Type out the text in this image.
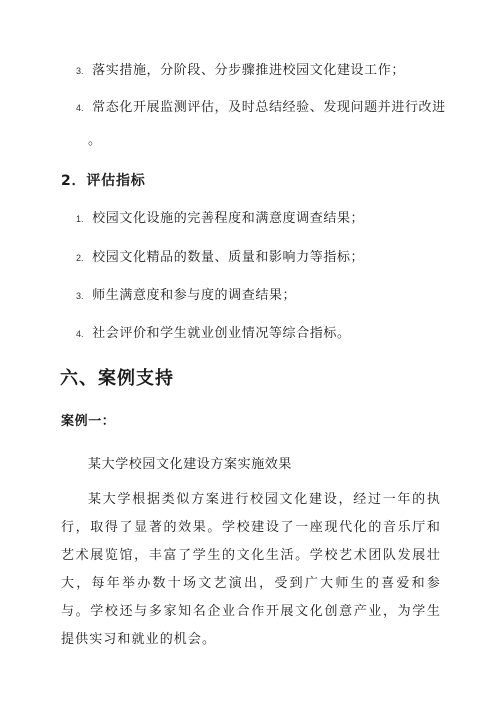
3. 落实措施，分阶段、分步骤推进校园文化建设工作；
4. 常态化开展监测评估，及时总结经验、发现问题并进行改进
。
2．评估指标
1. 校园文化设施的完善程度和满意度调查结果；
2. 校园文化精品的数量、质量和影响力等指标；
3. 师生满意度和参与度的调查结果；
4. 社会评价和学生就业创业情况等综合指标。
六、案例支持
案例一：
某大学校园文化建设方案实施效果
某大学根据类似方案进行校园文化建设，经过一年的执行，取得了显著的效果。学校建设了一座现代化的音乐厅和艺术展览馆，丰富了学生的文化生活。学校艺术团队发展壮大，每年举办数十场文艺演出，受到广大师生的喜爱和参与。学校还与多家知名企业合作开展文化创意产业，为学生提供实习和就业的机会。
